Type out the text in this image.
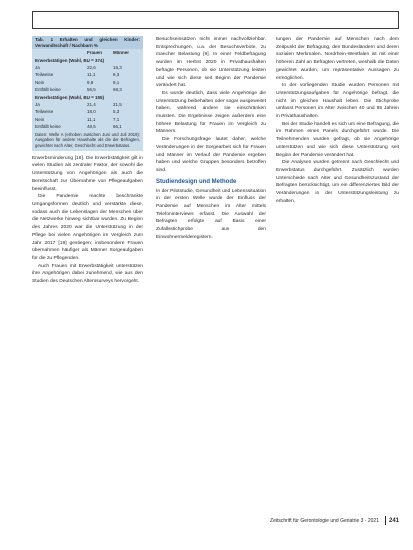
Tab. 1 Erhalten und gleichen Kinder: Verwandtschaft / Nachbarn %
Frauen	Männer
Erwerbstätigen (Wahl, BU = 374)
Ja	22,6	15,3
Teilweise	11,1	8,3
Nein	9,8	8,1
Entfällt keine	56,5	68,3
Erwerbstätigen (Wahl, BU = 155)
Ja	21,4	21,5
Teilweise	18,0	5,3
Nein	11,1	7,1
Entfällt keine	49,5	66,1
Daten: Welle A (erhoben zwischen Juni und Juli 2019); Ausgaben für andere Haushalte als die der Befragten, gewichtet nach Alter, Geschlecht und Erwerbstatus.

Erwerbsminderung [18]. Die Erwerbstätigkeit gilt in vielen Studien als zentraler Faktor, der sowohl die Unterstützung von Angehörigen als auch die Bereitschaft zur Übernahme von Pflegeaufgaben beeinflusst.

Die Pandemie machte beschränkte Umgangsformen deutlich und verstärkte diese, sodass auch die Lebenslagen der Menschen über die Netzwerke hinweg sichtbar wurden. Zu Beginn des Jahres 2020 war die Unterstützung in der Pflege bei vielen Angehörigen im Vergleich zum Jahr 2017 [19] gestiegen; insbesondere Frauen übernahmen häufiger als Männer Sorgeaufgaben für die zu Pflegenden.

Auch Frauen mit Erwerbstätigkeit unterstützen ihre Angehörigen dabei zunehmend, wie aus den Studien des Deutschen Alterssurveys hervorgeht.

Besuchseinsätzen nicht immer nachvollziehbar. Entsprechungen, u.a. der Besuchsverbote, zu mancher Belastung [9]. In einer Feldbefragung wurden im Herbst 2020 in Privathaushalten befragte Personen, ob sie Unterstützung leisten und wie sich diese seit Beginn der Pandemie verändert hat.

Es wurde deutlich, dass viele Angehörige die Unterstützung beibehalten oder sogar ausgeweitet haben, während andere sie einschränken mussten. Die Ergebnisse zeigen außerdem eine höhere Belastung für Frauen im Vergleich zu Männern.

Die Forschungsfrage lautet daher, welche Veränderungen in der Sorgearbeit sich für Frauen und Männer im Verlauf der Pandemie ergeben haben und welche Gruppen besonders betroffen sind.

Studiendesign und Methode

In der Pilotstudie, Gesundheit und Lebenssituation in der ersten Welle wurde der Einfluss der Pandemie auf Menschen im Alter mittels Telefoninterviews erfasst. Die Auswahl der Befragten erfolgte auf Basis einer Zufallsstichprobe aus den Einwohnermelderegistern.

tungen der Pandemie auf Menschen nach dem Zeitpunkt der Befragung, den Bundesländern und deren sozialen Merkmalen. Nordrhein-Westfalen ist mit einer höheren Zahl an Befragten vertreten, weshalb die Daten gewichtet wurden, um repräsentative Aussagen zu ermöglichen.

In der vorliegenden Studie wurden Personen mit Unterstützungsaufgaben für Angehörige befragt, die nicht im gleichen Haushalt leben. Die Stichprobe umfasst Personen im Alter zwischen 40 und 85 Jahren in Privathaushalten.

Bei der Studie handelt es sich um eine Befragung, die im Rahmen eines Panels durchgeführt wurde. Die Teilnehmenden wurden gefragt, ob sie Angehörige unterstützen und wie sich diese Unterstützung seit Beginn der Pandemie verändert hat.

Die Analysen wurden getrennt nach Geschlecht und Erwerbstatus durchgeführt. Zusätzlich wurden Unterschiede nach Alter und Gesundheitszustand der Befragten berücksichtigt, um ein differenziertes Bild der Veränderungen in der Unterstützungsleistung zu erhalten.

Zeitschrift für Gerontologie und Geriatrie 3 · 2021 241
